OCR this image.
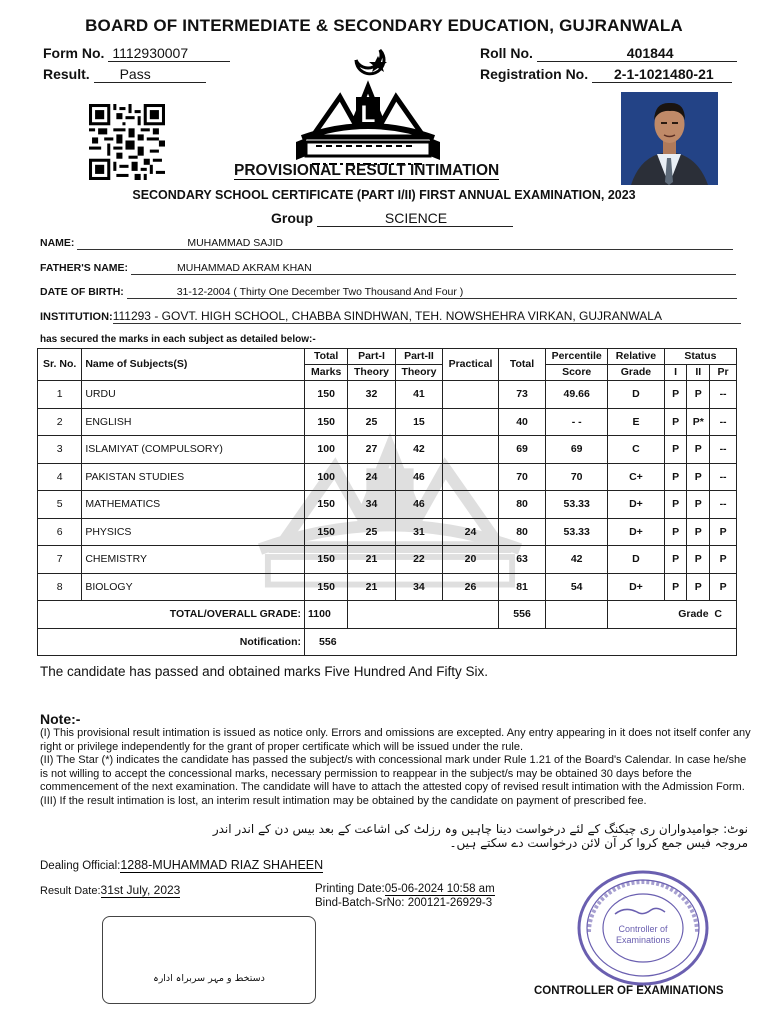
BOARD OF INTERMEDIATE & SECONDARY EDUCATION, GUJRANWALA
Form No. 1112930007
Result. Pass
Roll No.	401844
Registration No. 2-1-1021480-21
L
PROVISIONAL RESULT INTIMATION
SECONDARY SCHOOL CERTIFICATE (PART I/II) FIRST ANNUAL EXAMINATION, 2023
Group	SCIENCE
NAME:	MUHAMMAD SAJID
FATHER'S NAME:	MUHAMMAD AKRAM KHAN
DATE OF BIRTH:	31-12-2004 ( Thirty One December Two Thousand And Four )
INSTITUTION:111293 - GOVT. HIGH SCHOOL, CHABBA SINDHWAN, TEH. NOWSHEHRA VIRKAN, GUJRANWALA
has secured the marks in each subject as detailed below:-
Sr. No.	Name of Subjects(S)	Total	Part-I	Part-II	Practical	Total	Percentile	Relative	Status		
		Marks	Theory	Theory			Score	Grade	I	II	Pr
1	URDU	150	32	41		73	49.66	D	P	P	--
2	ENGLISH	150	25	15		40	- -	E	P	P*	--
3	ISLAMIYAT (COMPULSORY)	100	27	42		69	69	C	P	P	--
4	PAKISTAN STUDIES	100	24	46		70	70	C+	P	P	--
5	MATHEMATICS	150	34	46		80	53.33	D+	P	P	--
6	PHYSICS	150	25	31	24	80	53.33	D+	P	P	P
7	CHEMISTRY	150	21	22	20	63	42	D	P	P	P
8	BIOLOGY	150	21	34	26	81	54	D+	P	P	P
TOTAL/OVERALL GRADE:		1100				556		Grade C			
Notification:		556									
The candidate has passed and obtained marks Five Hundred And Fifty Six.
Note:-
(I) This provisional result intimation is issued as notice only. Errors and omissions are excepted. Any entry appearing in it does not itself confer any right or privilege independently for the grant of proper certificate which will be issued under the rule.
(II) The Star (*) indicates the candidate has passed the subject/s with concessional mark under Rule 1.21 of the Board's Calendar. In case he/she is not willing to accept the concessional marks, necessary permission to reappear in the subject/s may be obtained 30 days before the commencement of the next examination. The candidate will have to attach the attested copy of revised result intimation with the Admission Form.
(III) If the result intimation is lost, an interim result intimation may be obtained by the candidate on payment of prescribed fee.
نوٹ: جوامیدواران ری چیکنگ کے لئے درخواست دینا چاہیں وہ رزلٹ کی اشاعت کے بعد بیس دن کے اندر اندر مروجہ فیس جمع کروا کر آن لائن درخواست دے سکتے ہیں۔
Dealing Official:1288-MUHAMMAD RIAZ SHAHEEN
Result Date:31st July, 2023	Printing Date:05-06-2024 10:58 am
Bind-Batch-SrNo: 200121-26929-3
دستخط و مہر سربراہ ادارہ
Controller of
Examinations
CONTROLLER OF EXAMINATIONS
